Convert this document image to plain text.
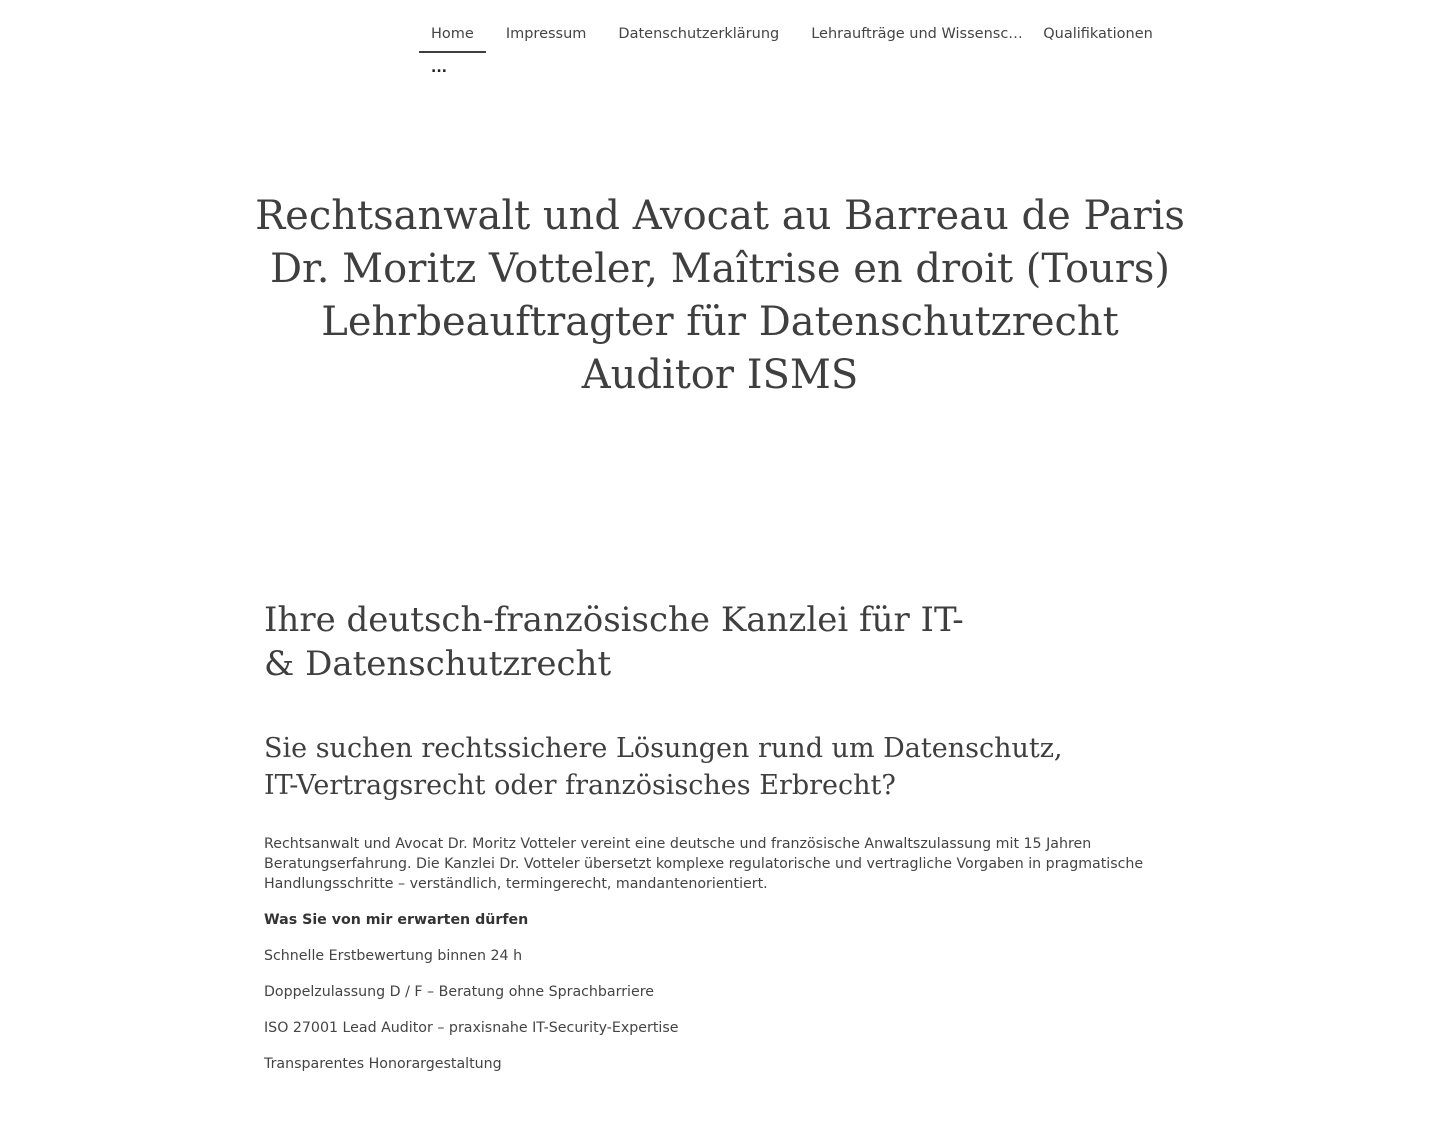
Home	Impressum	Datenschutzerklärung	Lehraufträge und Wissensc…	Qualifikationen
...
Rechtsanwalt und Avocat au Barreau de Paris
Dr. Moritz Votteler, Maîtrise en droit (Tours)
Lehrbeauftragter für Datenschutzrecht
Auditor ISMS
Ihre deutsch-französische Kanzlei für IT- & Datenschutzrecht
Sie suchen rechtssichere Lösungen rund um Datenschutz,
IT-Vertragsrecht oder französisches Erbrecht?

Rechtsanwalt und Avocat Dr. Moritz Votteler vereint eine deutsche und französische Anwaltszulassung mit 15 Jahren Beratungserfahrung. Die Kanzlei Dr. Votteler übersetzt komplexe regulatorische und vertragliche Vorgaben in pragmatische Handlungsschritte – verständlich, termingerecht, mandantenorientiert.

Was Sie von mir erwarten dürfen

Schnelle Erstbewertung binnen 24 h

Doppelzulassung D / F – Beratung ohne Sprachbarriere

ISO 27001 Lead Auditor – praxisnahe IT-Security-Expertise

Transparentes Honorargestaltung
